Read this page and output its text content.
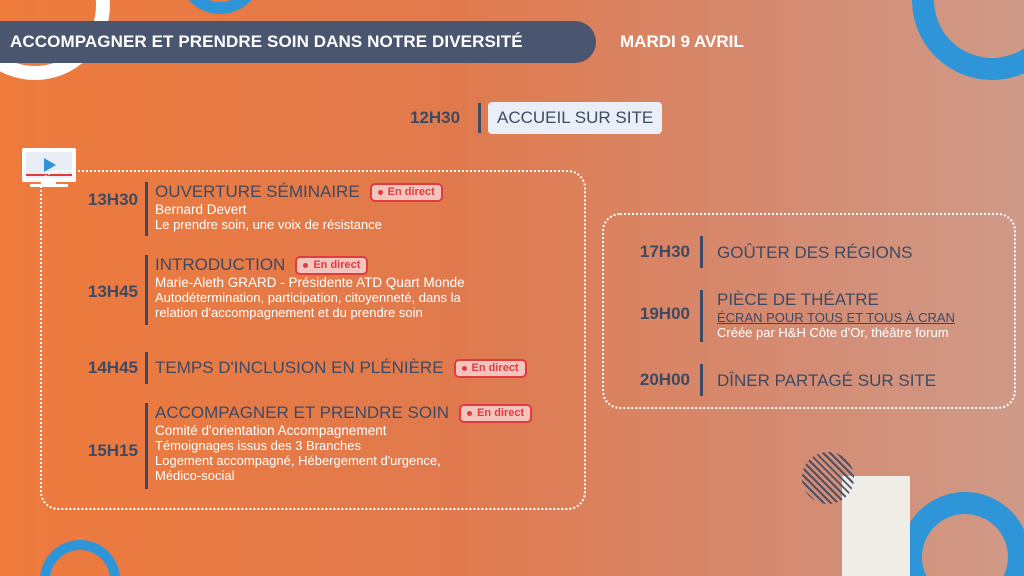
ACCOMPAGNER ET PRENDRE SOIN DANS NOTRE DIVERSITÉ	MARDI 9 AVRIL
12H30	ACCUEIL SUR SITE
13H30 OUVERTURE SÉMINAIRE	En direct
Bernard Devert
Le prendre soin, une voix de résistance
13H45
INTRODUCTION	En direct
Marie-Aleth GRARD - Présidente ATD Quart Monde
Autodétermination, participation, citoyenneté, dans la
relation d'accompagnement et du prendre soin
14H45 TEMPS D'INCLUSION EN PLÉNIÈRE	En direct
15H15
ACCOMPAGNER ET PRENDRE SOIN	En direct
Comité d'orientation Accompagnement
Témoignages issus des 3 Branches
Logement accompagné, Hébergement d'urgence,
Médico-social
17H30 GOÛTER DES RÉGIONS
19H00
PIÈCE DE THÉATRE
ÉCRAN POUR TOUS ET TOUS À CRAN
Créée par H&H Côte d'Or, théâtre forum
20H00 DÎNER PARTAGÉ SUR SITE
